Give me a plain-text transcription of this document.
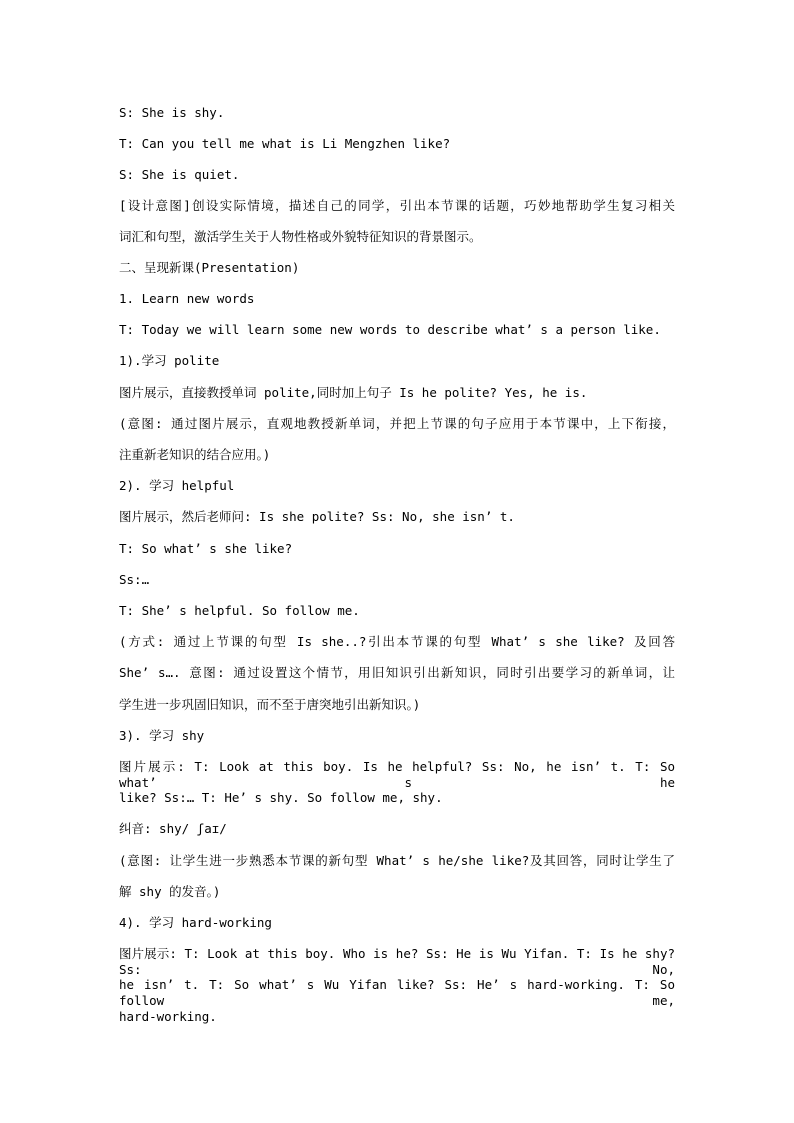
S: She is shy.
T: Can you tell me what is Li Mengzhen like?
S: She is quiet.
[设计意图]创设实际情境，描述自己的同学，引出本节课的话题，巧妙地帮助学生复习相关
词汇和句型，激活学生关于人物性格或外貌特征知识的背景图示。
二、呈现新课(Presentation)
1. Learn new words
T: Today we will learn some new words to describe what’ s a person like.
1).学习 polite
图片展示，直接教授单词 polite,同时加上句子 Is he polite? Yes, he is.
(意图: 通过图片展示，直观地教授新单词，并把上节课的句子应用于本节课中，上下衔接，
注重新老知识的结合应用。)
2). 学习 helpful
图片展示，然后老师问: Is she polite? Ss: No, she isn’ t.
T: So what’ s she like?
Ss:…
T: She’ s helpful. So follow me.
(方式: 通过上节课的句型 Is she..?引出本节课的句型 What’ s she like? 及回答
She’ s…. 意图: 通过设置这个情节，用旧知识引出新知识，同时引出要学习的新单词，让
学生进一步巩固旧知识，而不至于唐突地引出新知识。)
3). 学习 shy
图片展示: T: Look at this boy. Is he helpful? Ss: No, he isn’ t. T: So what’ s he
like? Ss:… T: He’ s shy. So follow me, shy.
纠音: shy/ ʃaɪ/
(意图: 让学生进一步熟悉本节课的新句型 What’ s he/she like?及其回答，同时让学生了
解 shy 的发音。)
4). 学习 hard-working
图片展示: T: Look at this boy. Who is he? Ss: He is Wu Yifan. T: Is he shy? Ss: No,
he isn’ t. T: So what’ s Wu Yifan like? Ss: He’ s hard-working. T: So follow me,
hard-working.
